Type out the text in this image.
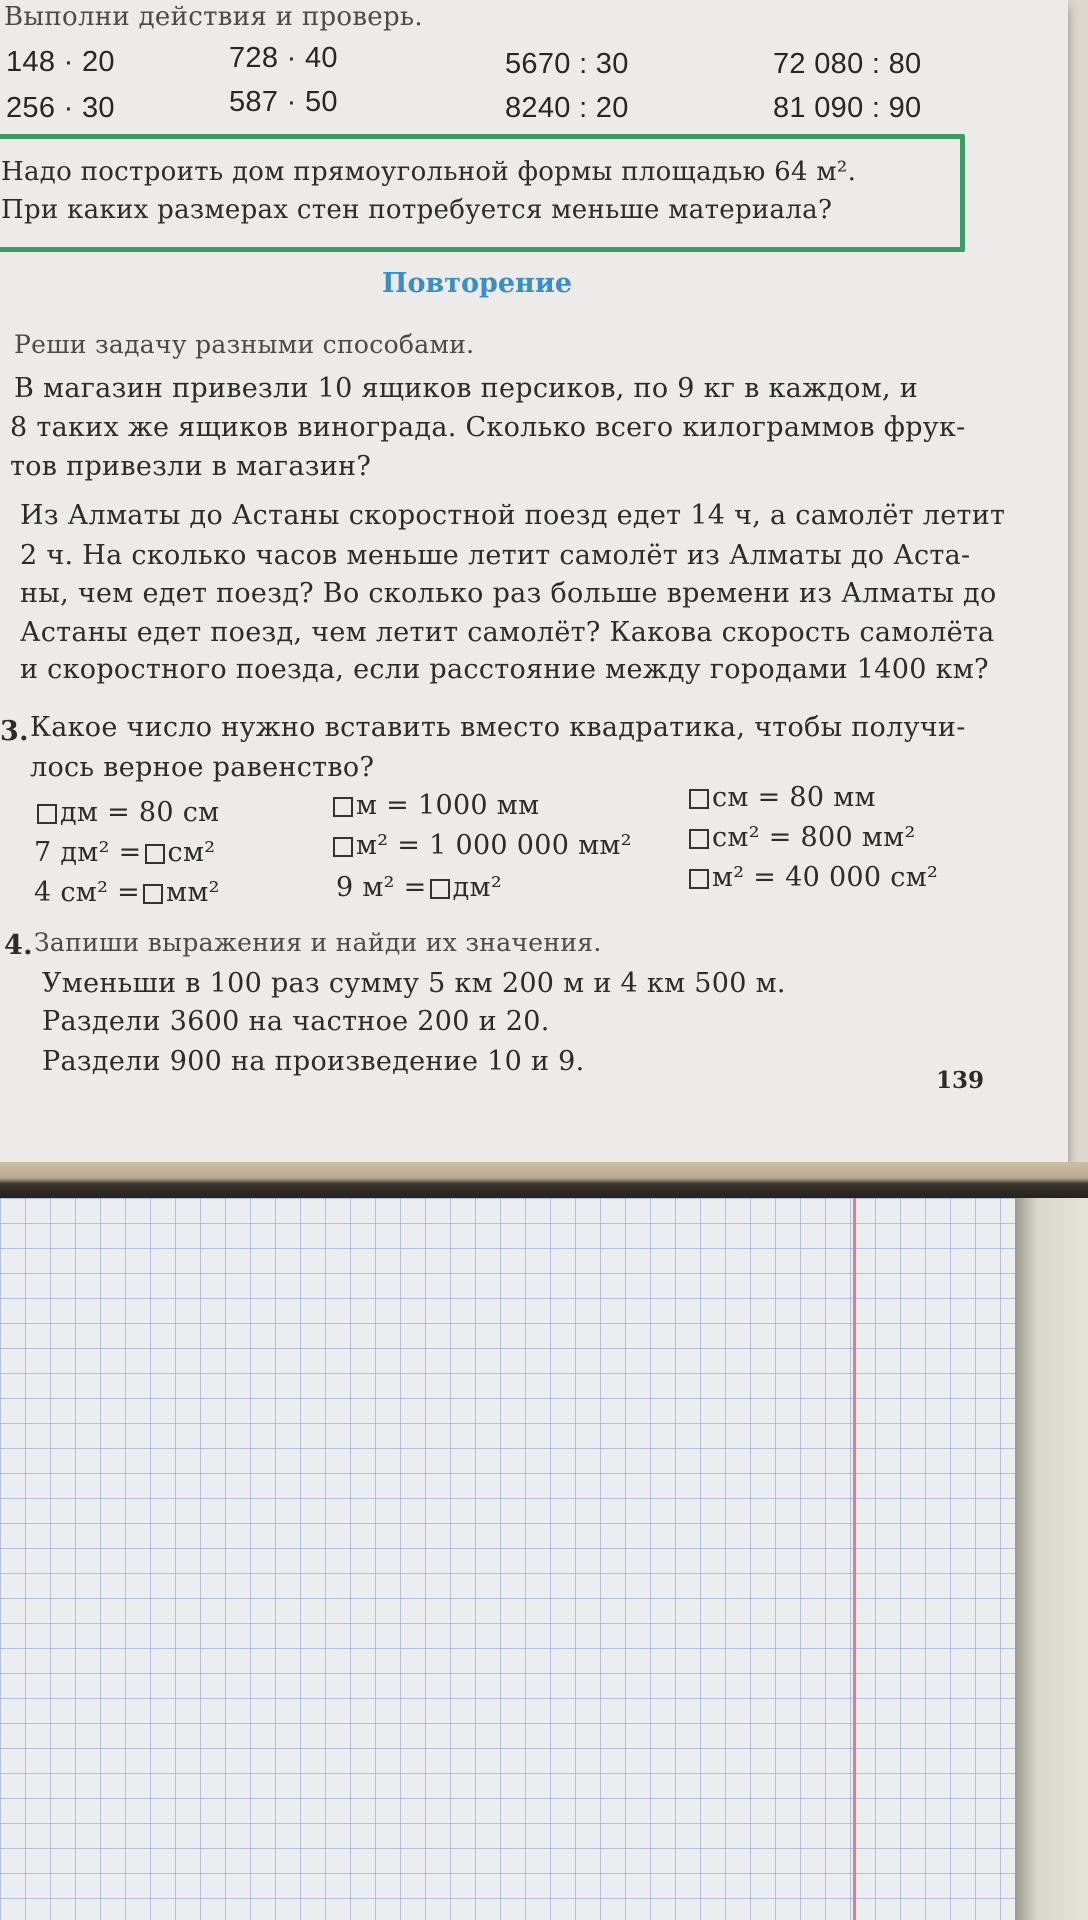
Выполни действия и проверь.
148 · 20
256 · 30
728 · 40
587 · 50
5670 : 30
8240 : 20
72 080 : 80
81 090 : 90
Надо построить дом прямоугольной формы площадью 64 м².
При каких размерах стен потребуется меньше материала?
Повторение
Реши задачу разными способами.
В магазин привезли 10 ящиков персиков, по 9 кг в каждом, и
8 таких же ящиков винограда. Сколько всего килограммов фрук-
тов привезли в магазин?
Из Алматы до Астаны скоростной поезд едет 14 ч, а самолёт летит
2 ч. На сколько часов меньше летит самолёт из Алматы до Аста-
ны, чем едет поезд? Во сколько раз больше времени из Алматы до
Астаны едет поезд, чем летит самолёт? Какова скорость самолёта
и скоростного поезда, если расстояние между городами 1400 км?
3. Какое число нужно вставить вместо квадратика, чтобы получи-
лось верное равенство?
дм = 80 см
7 дм² = см²
4 см² = мм²
м = 1000 мм
м² = 1 000 000 мм²
9 м² = дм²
см = 80 мм
см² = 800 мм²
м² = 40 000 см²
4. Запиши выражения и найди их значения.
Уменьши в 100 раз сумму 5 км 200 м и 4 км 500 м.
Раздели 3600 на частное 200 и 20.
Раздели 900 на произведение 10 и 9.
139
